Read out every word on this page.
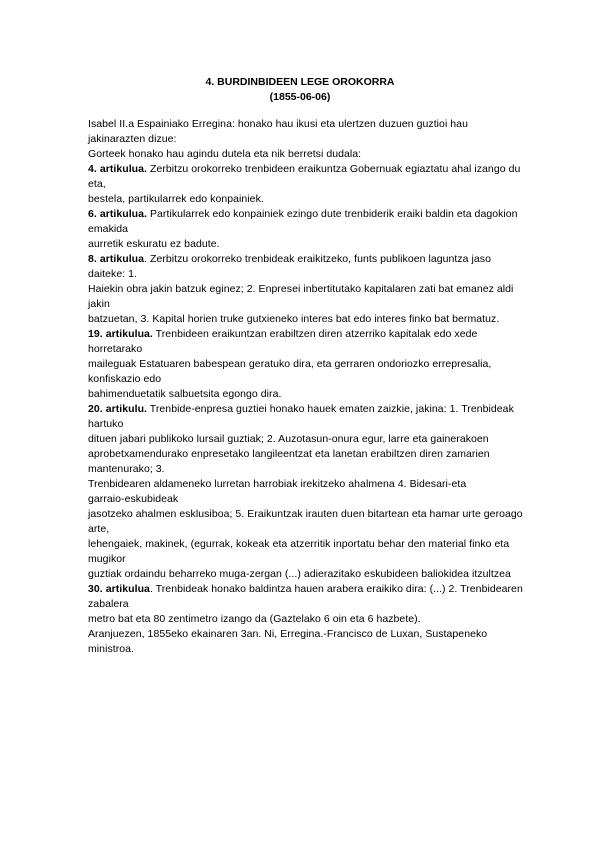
4. BURDINBIDEEN LEGE OROKORRA
(1855-06-06)
Isabel II.a Espainiako Erregina: honako hau ikusi eta ulertzen duzuen guztioi hau
jakinarazten dizue:
Gorteek honako hau agindu dutela eta nik berretsi dudala:
4. artikulua. Zerbitzu orokorreko trenbideen eraikuntza Gobernuak egiaztatu ahal izango du
eta,
bestela, partikularrek edo konpainiek.
6. artikulua. Partikularrek edo konpainiek ezingo dute trenbiderik eraiki baldin eta dagokion
emakida
aurretik eskuratu ez badute.
8. artikulua. Zerbitzu orokorreko trenbideak eraikitzeko, funts publikoen laguntza jaso
daiteke: 1.
Haiekin obra jakin batzuk eginez; 2. Enpresei inbertitutako kapitalaren zati bat emanez aldi
jakin
batzuetan, 3. Kapital horien truke gutxieneko interes bat edo interes finko bat bermatuz.
19. artikulua. Trenbideen eraikuntzan erabiltzen diren atzerriko kapitalak edo xede
horretarako
maileguak Estatuaren babespean geratuko dira, eta gerraren ondoriozko errepresalia,
konfiskazio edo
bahimenduetatik salbuetsita egongo dira.
20. artikulu. Trenbide-enpresa guztiei honako hauek ematen zaizkie, jakina: 1. Trenbideak
hartuko
dituen jabari publikoko lursail guztiak; 2. Auzotasun-onura egur, larre eta gainerakoen
aprobetxamendurako enpresetako langileentzat eta lanetan erabiltzen diren zamarien
mantenurako; 3.
Trenbidearen aldameneko lurretan harrobiak irekitzeko ahalmena 4. Bidesari-eta
garraio-eskubideak
jasotzeko ahalmen esklusiboa; 5. Eraikuntzak irauten duen bitartean eta hamar urte geroago
arte,
lehengaiek, makinek, (egurrak, kokeak eta atzerritik inportatu behar den material finko eta
mugikor
guztiak ordaindu beharreko muga-zergan (...) adierazitako eskubideen baliokidea itzultzea
30. artikulua. Trenbideak honako baldintza hauen arabera eraikiko dira: (...) 2. Trenbidearen
zabalera
metro bat eta 80 zentimetro izango da (Gaztelako 6 oin eta 6 hazbete).
Aranjuezen, 1855eko ekainaren 3an. Ni, Erregina.-Francisco de Luxan, Sustapeneko
ministroa.
